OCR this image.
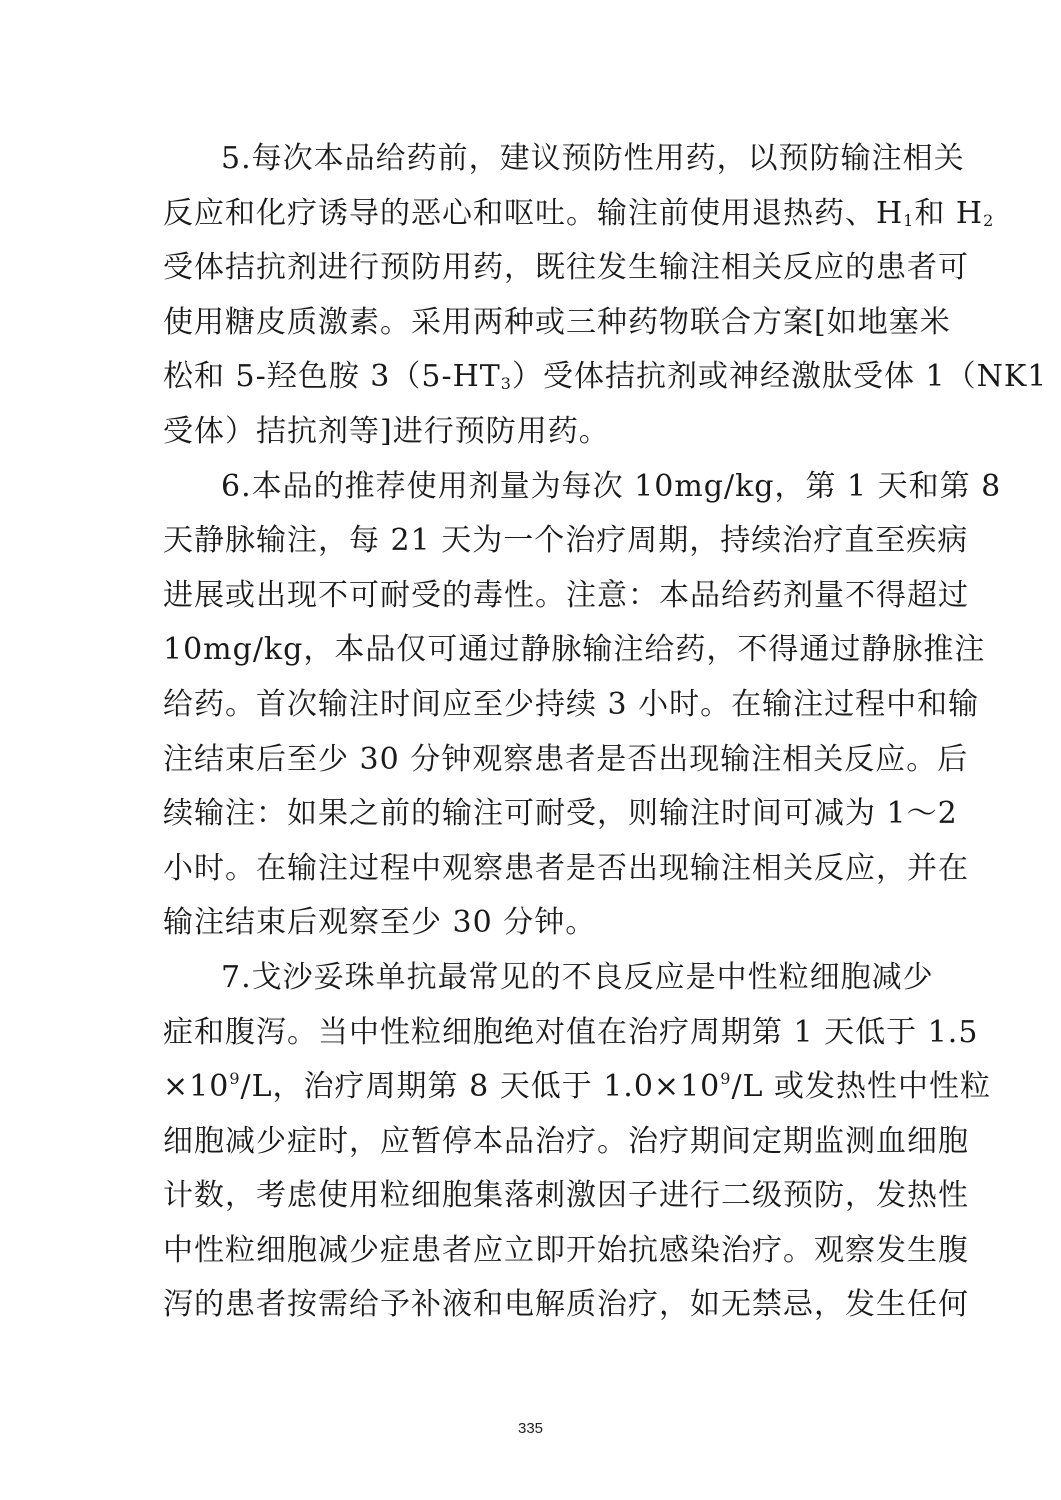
5.每次本品给药前，建议预防性用药，以预防输注相关
反应和化疗诱导的恶心和呕吐。输注前使用退热药、$H_1$和 $H_2$
受体拮抗剂进行预防用药，既往发生输注相关反应的患者可
使用糖皮质激素。采用两种或三种药物联合方案[如地塞米
松和 5-羟色胺 $3(5-HT_3)$受体拮抗剂或神经激肽受体 1（NK1
受体）拮抗剂等]进行预防用药。
6.本品的推荐使用剂量为每次 10mg/kg，第 1 天和第 8
天静脉输注，每 21 天为一个治疗周期，持续治疗直至疾病
进展或出现不可耐受的毒性。注意：本品给药剂量不得超过
10mg/kg，本品仅可通过静脉输注给药，不得通过静脉推注
给药。首次输注时间应至少持续 3 小时。在输注过程中和输
注结束后至少 30 分钟观察患者是否出现输注相关反应。后
续输注：如果之前的输注可耐受，则输注时间可减为 1～2
小时。在输注过程中观察患者是否出现输注相关反应，并在
输注结束后观察至少 30 分钟。
7.戈沙妥珠单抗最常见的不良反应是中性粒细胞减少
症和腹泻。当中性粒细胞绝对值在治疗周期第 1 天低于 1.5
$\times 10^9/L$，治疗周期第 8 天低于 $1.0\times 10^9/L$ 或发热性中性粒
细胞减少症时，应暂停本品治疗。治疗期间定期监测血细胞
计数，考虑使用粒细胞集落刺激因子进行二级预防，发热性
中性粒细胞减少症患者应立即开始抗感染治疗。观察发生腹
泻的患者按需给予补液和电解质治疗，如无禁忌，发生任何
335
